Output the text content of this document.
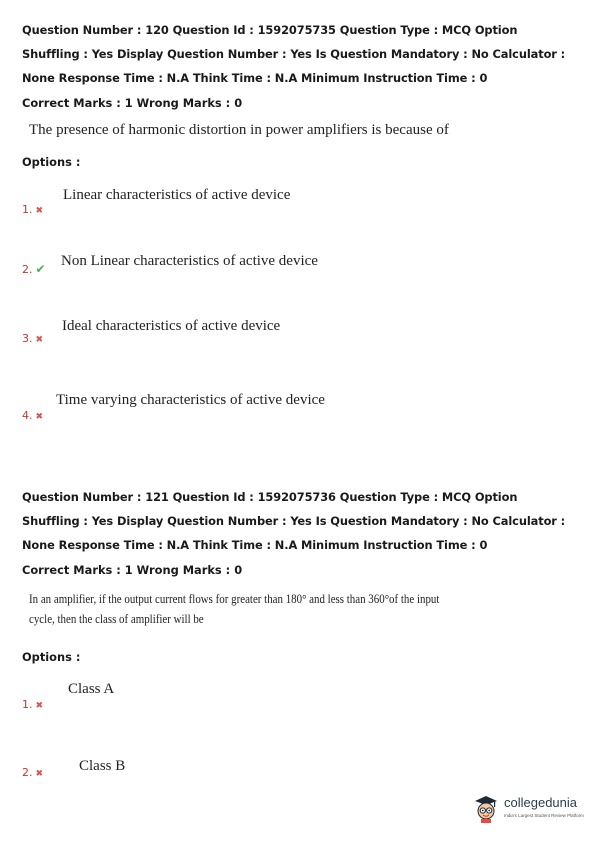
Question Number : 120 Question Id : 1592075735 Question Type : MCQ Option Shuffling : Yes Display Question Number : Yes Is Question Mandatory : No Calculator : None Response Time : N.A Think Time : N.A Minimum Instruction Time : 0
Correct Marks : 1 Wrong Marks : 0
The presence of harmonic distortion in power amplifiers is because of
Options :
1. ✖
Linear characteristics of active device
2. ✔ Non Linear characteristics of active device
3. ✖
Ideal characteristics of active device
4. ✖
Time varying characteristics of active device
Question Number : 121 Question Id : 1592075736 Question Type : MCQ Option Shuffling : Yes Display Question Number : Yes Is Question Mandatory : No Calculator : None Response Time : N.A Think Time : N.A Minimum Instruction Time : 0
Correct Marks : 1 Wrong Marks : 0
In an amplifier, if the output current flows for greater than 180° and less than 360°of the input
cycle, then the class of amplifier will be
Options :
1. ✖
Class A
2. ✖ Class B
collegedunia
India's Largest Student Review Platform
